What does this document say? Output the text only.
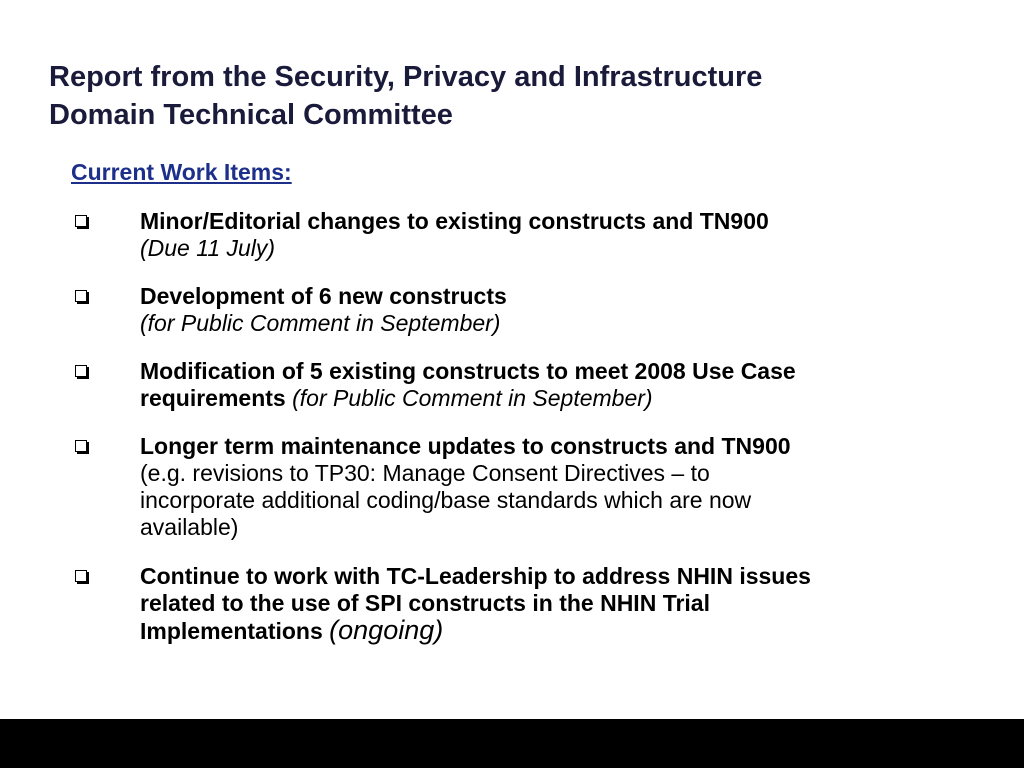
Report from the Security, Privacy and Infrastructure
Domain Technical Committee
Current Work Items:
Minor/Editorial changes to existing constructs and TN900
(Due 11 July)
Development of 6 new constructs
(for Public Comment in September)
Modification of 5 existing constructs to meet 2008 Use Case
requirements (for Public Comment in September)
Longer term maintenance updates to constructs and TN900
(e.g. revisions to TP30: Manage Consent Directives – to
incorporate additional coding/base standards which are now
available)
Continue to work with TC-Leadership to address NHIN issues
related to the use of SPI constructs in the NHIN Trial
Implementations (ongoing)
